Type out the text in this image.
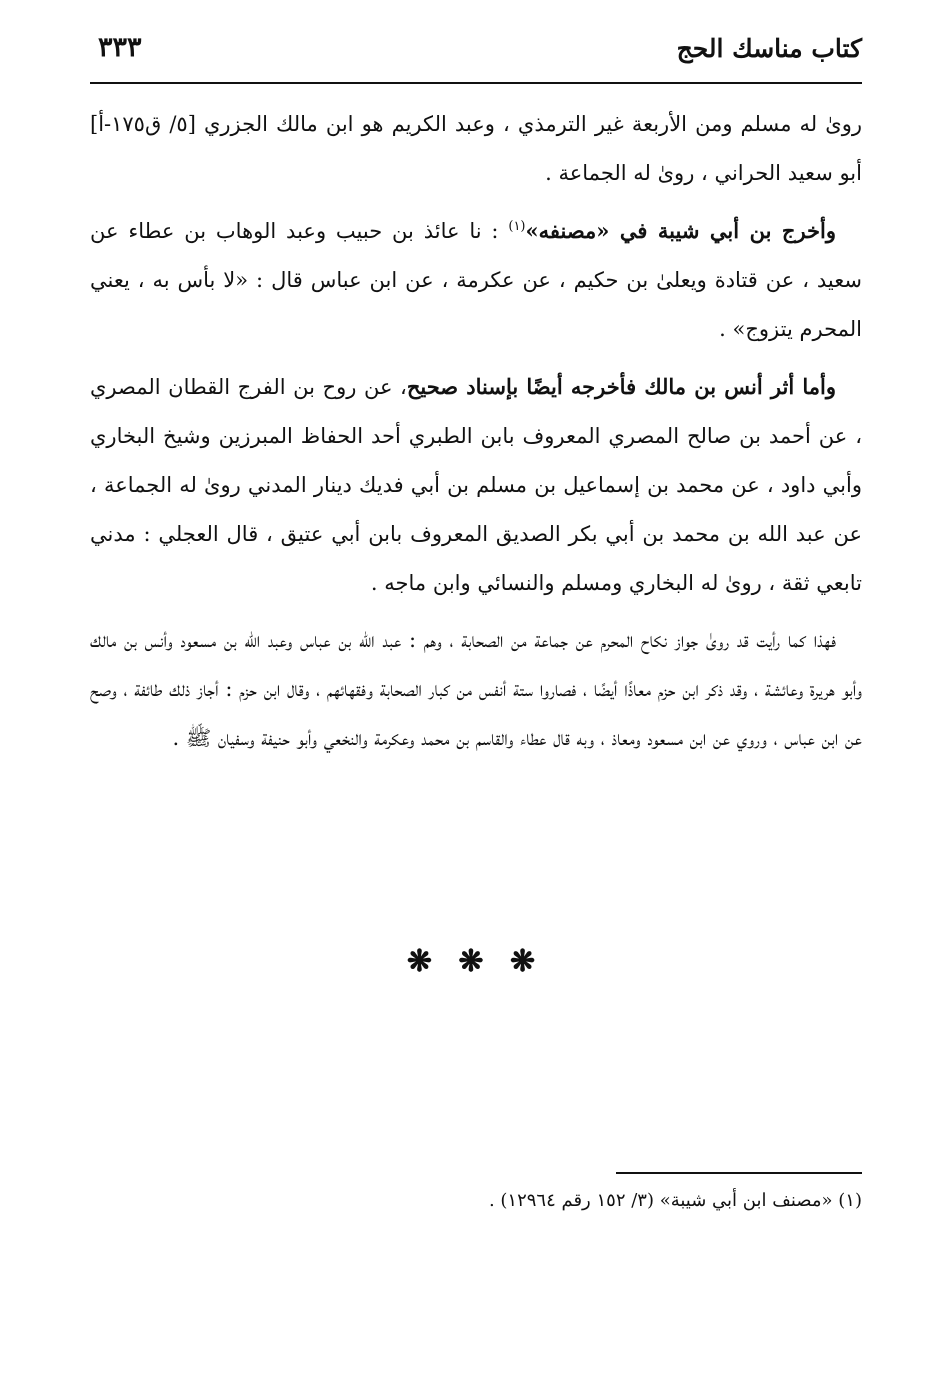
كتاب مناسك الحج
٣٣٣

روىٰ له مسلم ومن الأربعة غير الترمذي ، وعبد الكريم هو ابن مالك الجزري [٥/ ق١٧٥-أ] أبو سعيد الحراني ، روىٰ له الجماعة .

وأخرج بن أبي شيبة في «مصنفه»$^{(١)}$ : نا عائذ بن حبيب وعبد الوهاب بن عطاء عن سعيد ، عن قتادة ويعلىٰ بن حكيم ، عن عكرمة ، عن ابن عباس قال : «لا بأس به ، يعني المحرم يتزوج» .

وأما أثر أنس بن مالك فأخرجه أيضًا بإسناد صحيح، عن روح بن الفرج القطان المصري ، عن أحمد بن صالح المصري المعروف بابن الطبري أحد الحفاظ المبرزين وشيخ البخاري وأبي داود ، عن محمد بن إسماعيل بن مسلم بن أبي فديك دينار المدني روىٰ له الجماعة ، عن عبد الله بن محمد بن أبي بكر الصديق المعروف بابن أبي عتيق ، قال العجلي : مدني تابعي ثقة ، روىٰ له البخاري ومسلم والنسائي وابن ماجه .

فهذا كما رأيت قد روىٰ جواز نكاح المحرم عن جماعة من الصحابة ، وهم : عبد الله بن عباس وعبد الله بن مسعود وأنس بن مالك وأبو هريرة وعائشة ، وقد ذكر ابن حزم معاذًا أيضًا ، فصاروا ستة أنفس من كبار الصحابة وفقهائهم ، وقال ابن حزم : أجاز ذلك طائفة ، وصح عن ابن عباس ، وروي عن ابن مسعود ومعاذ ، وبه قال عطاء والقاسم بن محمد وعكرمة والنخعي وأبو حنيفة وسفيان ﷺ .

❋ ❋ ❋
(١) «مصنف ابن أبي شيبة» (٣/ ١٥٢ رقم ١٢٩٦٤) .
